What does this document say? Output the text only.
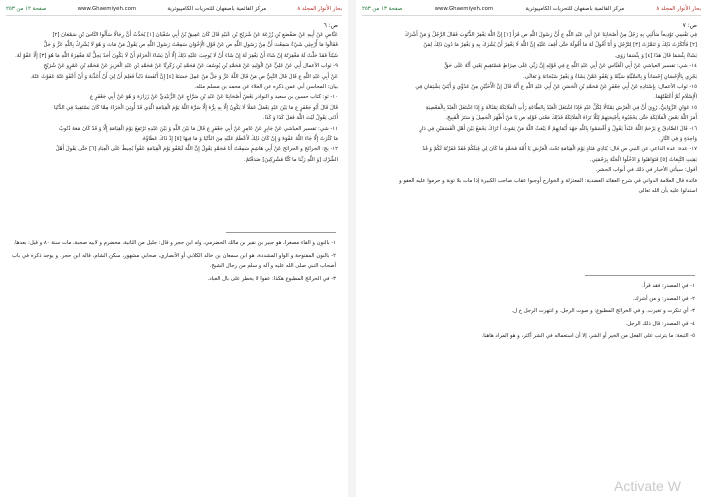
صفحة ١٢ من ٢٥٣	www.Ghaemiyeh.com	مركز القائمية باصفهان للتحريات الكامپيوترية	بحار الأنوار المجلد ٨
ص: ٦

عَبَّاسٍ عَنْ أَبِيهِ عَنْ صَفْصَعِ بْنِ زُرْعَةَ عَنْ شُرَيْحِ بْنِ عُبَيْدٍ قَالَ كَانَ عَمِيقٌ بْنُ أَبِي سُفْيَانَ [١] يُحَدِّثُ أَنَّ رِجَالًا سَأَلُوا النَّاسَ بْنِ سَمْعَانَ [٢]

فَقَالُوا مَا أُرْجِئِي شَيْءٌ سَمِعْتَ أَنَّ مِنْ رَسُولِ اللَّهِ ص عَنْ قَوْلِ الْإِخْوَانِ سَمِعْتُ رَسُولَ اللَّهِ ص يَقُولُ مَنْ مَاتَ وَ هُوَ لَا يُشْرِكُ بِاللَّهِ عَزَّ وَ جَلَّ

شَيْئاً فَقَدْ حَلَّتْ لَهُ مَغْفِرَتُهُ إِنْ شَاءَ أَنْ يَغْفِرَ لَهُ إِنْ شَاءَ أَنْ لَا يُوجِبَ عَلَيْهِ ذَلِكَ إِلَّا أَنْ يَشَاءَ الْحَرَامَ أَنْ لَا يَكُونَ أَحَدٌ يَحِلُّ لَهُ مَغْفِرَةُ اللَّهِ مَا هُوَ [٣] إِلَّا عَفْوٌ لَهُ.

٩- ثواب الأعمال أَبِي عَنْ عَلِيٍّ عَنْ الْوَلِيدِ عَنْ مُحَمَّدِ بْنِ يُوسُفَ عَنْ مُحَمَّدِ بْنِ زَكَرِيَّا عَنْ مُحَمَّدِ بْنِ عَبْدِ الْعَزِيزِ عَنْ مُحَمَّدِ بْنِ عَمْرٍو عَنْ شُرَيْحٍ

عَنْ أَبِي عَبْدِ اللَّهِ ع قَالَ قَالَ النَّبِيُّ ص مَنْ قَالَ اللَّهُ عَزَّ وَ جَلَّ مَنْ عَمِلَ حَسَنَةً [٤] إِنَّ أَنْفَسَهُ ذَنْباً فَعَلِمَ أَنْ لِيَ أَنْ أُعَذِّبَهُ وَ أَنْ أَعْفُوَ عَنْهُ عَفَوْتُ عَنْهُ.

بيان: المحاسن أبي عمن ذكره عن العلاء عن محمد بن مسلم مثله.

١٠- ثو: كتاب حسين بن سعيد و النوادر بَعْضُ أَصْحَابِنَا عَنْ عَبْدِ بْنِ سَرَّاجٍ عَنْ الزُّبَيْدِيِّ عَنْ زَرَارَةَ وَ هُوَ عَنْ أَبِي جَعْفَرٍ ع

قَالَ قَالَ أَبُو جَعْفَرٍ ع مَا بَيْنَ عَبْدٍ يَعْمَلُ عَمَلًا لَا يَكُونُ إِلَّا بِهِ بِرُّهُ إِلَّا سَرَّهُ اللَّهُ يَوْمَ الْقِيَامَةِ الَّذِي قَدْ أُوتِيَ الْجَزَاءَ مِمَّا كَانَ يَسْتَفِيدُ فِي الدُّنْيَا

أَدْنَى يَقُولُ لَيْتَ اللَّهَ فَعَلَ كَذَا وَ كَذَا.

١١- شي: تفسير العياشي عَنْ جَابِرٍ عَنْ عَامِرٍ عَنْ أَبِي جَعْفَرٍ ع قَالَ مَا بَيْنَ اللَّهِ وَ بَيْنَ عَبْدِهِ تَرْتَفِعُ يَوْمَ الْقِيَامَةِ إِلَّا وَ قَدْ كَانَ مَعَهُ ذُنُوبٌ

مَا كَثُرَتْ إِلَّا جَاءَ اللَّهُ عَفْوَهُ وَ إِنْ كَانَ ذَلِكَ لَأَعْظَمُ عَلَيْهِ مِنَ الدُّنْيَا وَ مَا فِيهَا [٥] إِذْ ذَاكَ عَطَاؤُهُ.

١٢- يج: الخرائج و الجرائح عَنْ أَبِي هَاشِمٍ سَمِعْتُ أَبَا مُحَمَّدٍ يَقُولُ إِنَّ اللَّهَ لَيَعْفُو يَوْمَ الْقِيَامَةِ عَفْواً يُحِيطُ عَلَى الْعِبَادِ [٦] حَتَّى يَقُولَ أَهْلُ

الشِّرْكِ [وَ اللَّهِ رَبِّنا ما كُنَّا مُشْرِكِينَ] صَدَقْتُمْ.

١- بالنون و الفاء مصغرا، هو جبير بن نفير بن مالك الحضرمي، وله ابن حجر و قال: جليل من الثانية، مخضرم و لابيه صحبة، مات سنة ٨٠ و قيل: بعدها.

٢- بالنون المفتوحة و الواو المشددة، هو ابن سمعان بن خالد الكلابي أو الأنصاري، صحابي مشهور، سكن الشام، قاله ابن حجر. و يوجد ذكره في باب أصحاب النبي صلى الله عليه و آله و سلم من رجال الشيخ.

٣- في الخرائج المطبوع هكذا: عفوا لا يخطر على بال العباد.

صفحة ١٣ من ٢٥٣	www.Ghaemiyeh.com	مركز القائمية باصفهان للتحريات الكامپيوترية	بحار الأنوار المجلد ٨
ص: ٧

فِي نَفْسِي تَوْدِيعاً سَأَلَنِي بِهِ رَجُلٌ مِنْ أَصْحَابِنَا عَنْ أَبِي عَبْدِ اللَّهِ ع أَنَّ رَسُولَ اللَّهِ ص قَرَأَ [١] إِنَّ اللَّهَ يَغْفِرُ الذُّنُوبَ فَقَالَ الرَّجُلُ وَ مَنْ أَشْرَكَ

[٢] فَأَنْكَرْتُ ذَلِكَ وَ تَنَمَّرْتُ [٣] لِلرَّجُلِ وَ أَنَا أَقُولُ لَهُ مَا أُقُولُهُ حَتَّى أَقِفَ عَلَيْهِ إِنَّ اللَّهَ لَا يَغْفِرُ أَنْ يُشْرَكَ بِهِ وَ يَغْفِرُ مَا دُونَ ذَلِكَ لِمَنْ

يَشَاءُ بِئْسَمَا قَالَ هَذَا [٤] وَ بِئْسَمَا رَوَى.

١٤- شي: تفسير العياشي عَنْ أَبِي الْعَبَّاسِ عَنْ أَبِي عَبْدِ اللَّهِ ع فِي قَوْلِهِ إِنَّ رَبِّي عَلَى صِرَاطٍ مُسْتَقِيمٍ يَعْنِي أَنَّهُ عَلَى حَقٍّ

يَجْزِي بِالْإِحْسَانِ إِحْسَاناً وَ بِالسَّيِّئَةِ سَيِّئَةً وَ يَعْفُو عَمَّنْ يَشَاءُ وَ يَغْفِرُ سُبْحَانَهُ وَ تَعَالَى.

١٥- ثواب الأعمال: بِإِسْنَادِهِ عَنْ أَبِي جَعْفَرٍ عَنْ مُحَمَّدِ بْنِ الْحَسَنِ عَنْ أَبِي عَبْدِ اللَّهِ ع أَنَّهُ قَالَ إِنَّ الْأُخَبَّيْنِ مِنْ عَدُوِّي وَ أَبْنَيْ يَشْتِمَانِ فِي

الْإِسْلَامِ ثُمَّ أَعْتَقْتُهُمَا.

١٥ عَوَانٍ الزَّوَانِيُّ، رُوِيَ أَنَّ فِي الْعَرْشِ تِمْثَالًا لِكُلِّ عَبْدٍ فَإِذَا اشْتَغَلَ الْعَبْدُ بِالطَّاعَةِ رَأَتِ الْمَلَائِكَةُ تِمْثَالَهُ وَ إِذَا اشْتَغَلَ الْعَبْدُ بِالْمَعْصِيَةِ

أَمَرَ اللَّهُ بَعْضَ الْمَلَائِكَةِ حَتَّى يَحْجُبُوهُ بِأَجْنِحَتِهِمْ لِئَلَّا تَرَاهُ الْمَلَائِكَةُ فَذَلِكَ مَعْنَى قَوْلِهِ ص يَا مَنْ أَظْهَرَ الْجَمِيلَ وَ سَتَرَ الْقَبِيحَ.

١٦- قَالَ الصَّادِقُ ع يَرْحَمُ اللَّهُ عَبْداً يَقُولُ وَ أَقْسَمُوا بِاللَّهِ جَهْدَ أَيْمَانِهِمْ لَا يَبْعَثُ اللَّهُ مَنْ يَمُوتُ أَ تُرَاكَ يَجْمَعُ بَيْنَ أَهْلِ الْقَسَمَيْنِ فِي دَارٍ

وَاحِدَةٍ وَ فِي النَّارِ.

١٧- عدة: عدة الداعي عن النبي ص قال: يُنَادِي مُنَادٍ يَوْمَ الْقِيَامَةِ تَحْتَ الْعَرْشِ يَا أُمَّةَ مُحَمَّدٍ مَا كَانَ لِي قِبَلَكُمْ فَقَدْ غَفَرْتُهُ لَكُمْ وَ قَدْ

بَقِيَتِ التَّبِعَاتُ [٥] فَتَوَاهَبُوا وَ ادْخُلُوا الْجَنَّةَ بِرَحْمَتِي.

أقول: سيأتي الأخبار في ذلك في أبواب الحشر.

فائدة قال العلامة الدواني في شرح العقائد العضدية: المعتزلة و الخوارج أوجبوا عقاب صاحب الكبيرة إذا مات بلا توبة و حرموا عليه العفو و

استدلوا عليه بأن الله تعالى

١- في المصدر: فقد قرأ.

٢- في المصدر: و من أشرك.

٣- أي تنكرت و تغيرت. و في الخرائج المطبوع: و صوت الرجل. و انتهرت الرجل خ ل.

٤- في المصدر: قال ذلك الرجل.

٥- التبعة: ما يترتب على الفعل من الخير أو الشر، إلا أن استعماله في الشر أكثر، و هو المراد هاهنا.

Activate W
